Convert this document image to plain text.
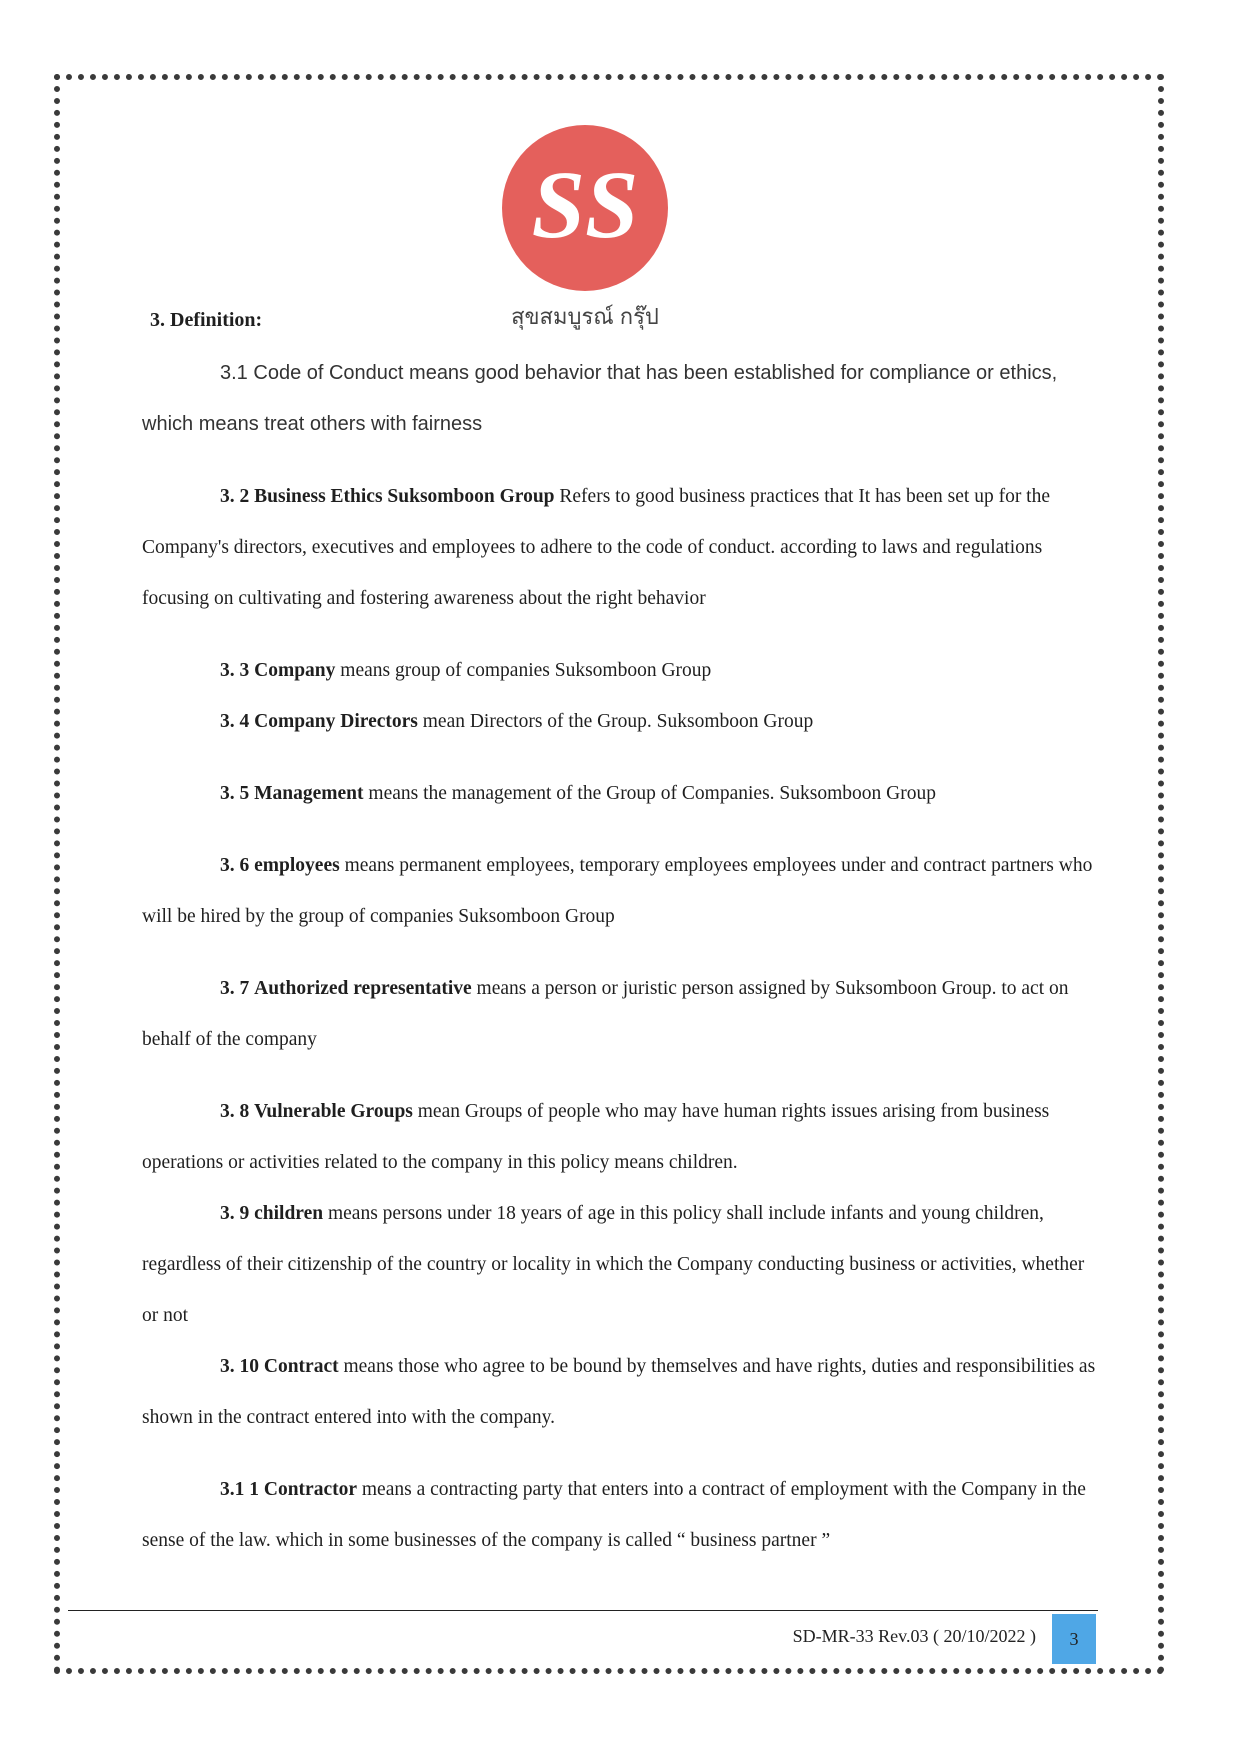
SS
สุขสมบูรณ์ กรุ๊ป
3. Definition:

3.1 Code of Conduct means good behavior that has been established for compliance or ethics, which means treat others with fairness

3. 2 Business Ethics Suksomboon Group Refers to good business practices that It has been set up for the Company's directors, executives and employees to adhere to the code of conduct. according to laws and regulations focusing on cultivating and fostering awareness about the right behavior

3. 3 Company means group of companies Suksomboon Group

3. 4 Company Directors mean Directors of the Group. Suksomboon Group

3. 5 Management means the management of the Group of Companies. Suksomboon Group

3. 6 employees means permanent employees, temporary employees employees under and contract partners who will be hired by the group of companies Suksomboon Group

3. 7 Authorized representative means a person or juristic person assigned by Suksomboon Group. to act on behalf of the company

3. 8 Vulnerable Groups mean Groups of people who may have human rights issues arising from business operations or activities related to the company in this policy means children.

3. 9 children means persons under 18 years of age in this policy shall include infants and young children, regardless of their citizenship of the country or locality in which the Company conducting business or activities, whether or not

3. 10 Contract means those who agree to be bound by themselves and have rights, duties and responsibilities as shown in the contract entered into with the company.

3.1 1 Contractor means a contracting party that enters into a contract of employment with the Company in the sense of the law. which in some businesses of the company is called “ business partner ”

SD-MR-33 Rev.03 ( 20/10/2022 )	3
